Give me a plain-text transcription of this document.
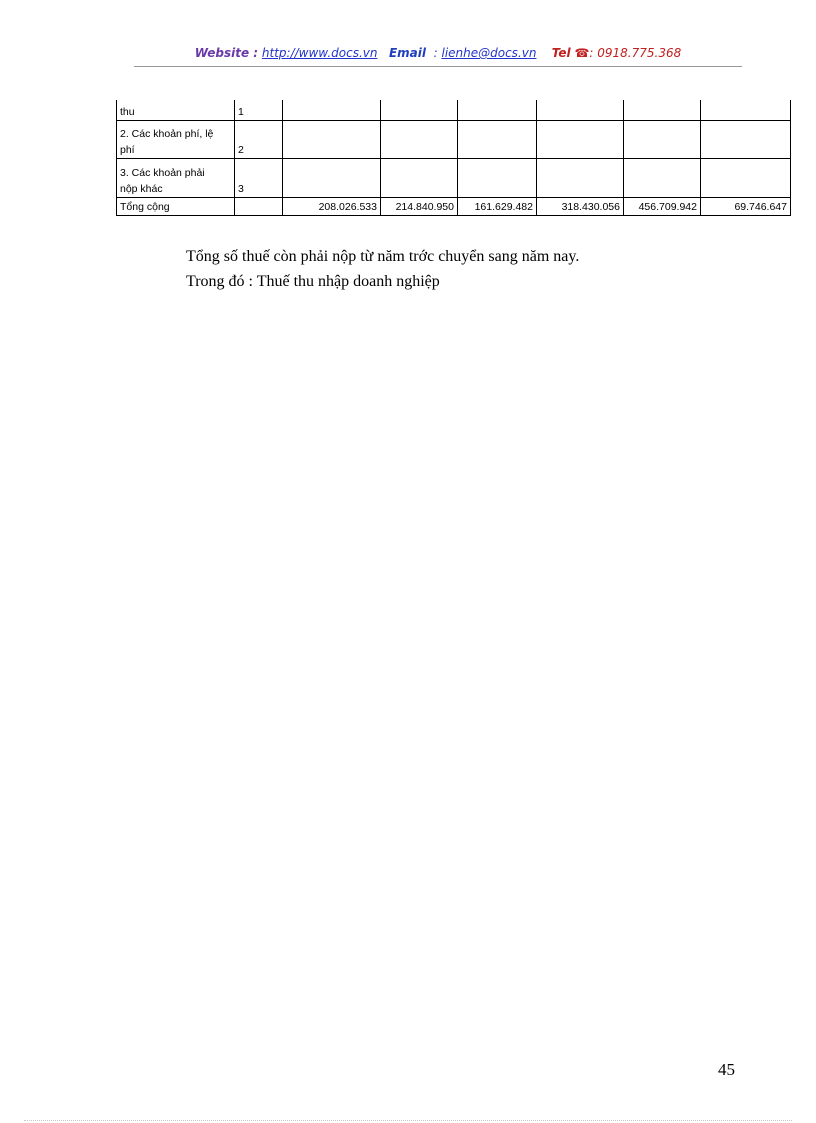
Website : http://www.docs.vn Email : lienhe@docs.vn Tel ☎: 0918.775.368
thu	1						

2. Các khoản phí, lệ
phí	2						

3. Các khoản phải
nộp khác	3						
Tổng cộng		208.026.533	214.840.950	161.629.482	318.430.056	456.709.942	69.746.647
Tổng số thuế còn phải nộp từ năm trớc chuyển sang năm nay.
Trong đó : Thuế thu nhập doanh nghiệp
45
